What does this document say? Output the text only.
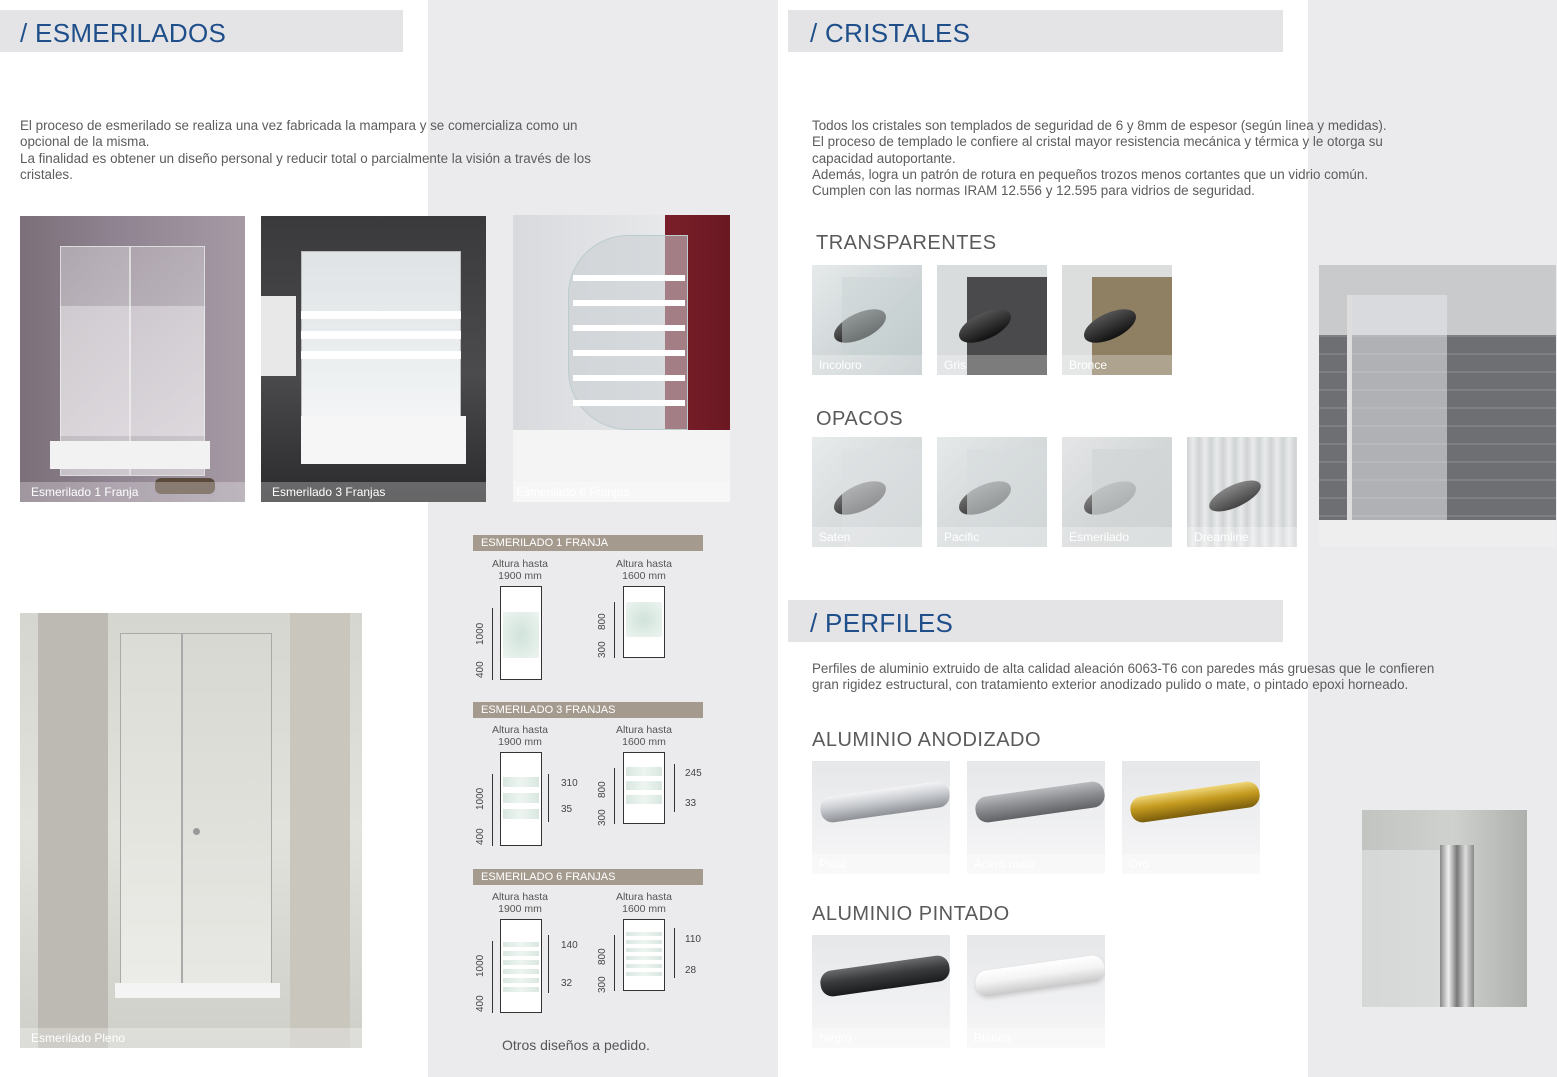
/ ESMERILADOS
El proceso de esmerilado se realiza una vez fabricada la mampara y se comercializa como un
opcional de la misma.
La finalidad es obtener un diseño personal y reducir total o parcialmente la visión a través de los
cristales.
Esmerilado 1 Franja	Esmerilado 3 Franjas	Esmerilado 6 Franjas
Esmerilado Pleno
ESMERILADO 1 FRANJA
Altura hasta
1900 mm
Altura hasta
1600 mm
1000
400
800
300
ESMERILADO 3 FRANJAS
Altura hasta
1900 mm
Altura hasta
1600 mm
1000
400
310
35
800
300
245
33
ESMERILADO 6 FRANJAS
Altura hasta
1900 mm
Altura hasta
1600 mm
1000
400
140
32
800
300
110
28
Otros diseños a pedido.
/ CRISTALES
Todos los cristales son templados de seguridad de 6 y 8mm de espesor (según linea y medidas).
El proceso de templado le confiere al cristal mayor resistencia mecánica y térmica y le otorga su
capacidad autoportante.
Además, logra un patrón de rotura en pequeños trozos menos cortantes que un vidrio común.
Cumplen con las normas IRAM 12.556 y 12.595 para vidrios de seguridad.
TRANSPARENTES
Incoloro	Gris	Bronce
OPACOS
Saten	Pacific	Esmerilado	Dreamline
/ PERFILES
Perfiles de aluminio extruido de alta calidad aleación 6063-T6 con paredes más gruesas que le confieren
gran rigidez estructural, con tratamiento exterior anodizado pulido o mate, o pintado epoxi horneado.
ALUMINIO ANODIZADO
Plata	Acero mate	Oro
ALUMINIO PINTADO
Negro	Blanco
